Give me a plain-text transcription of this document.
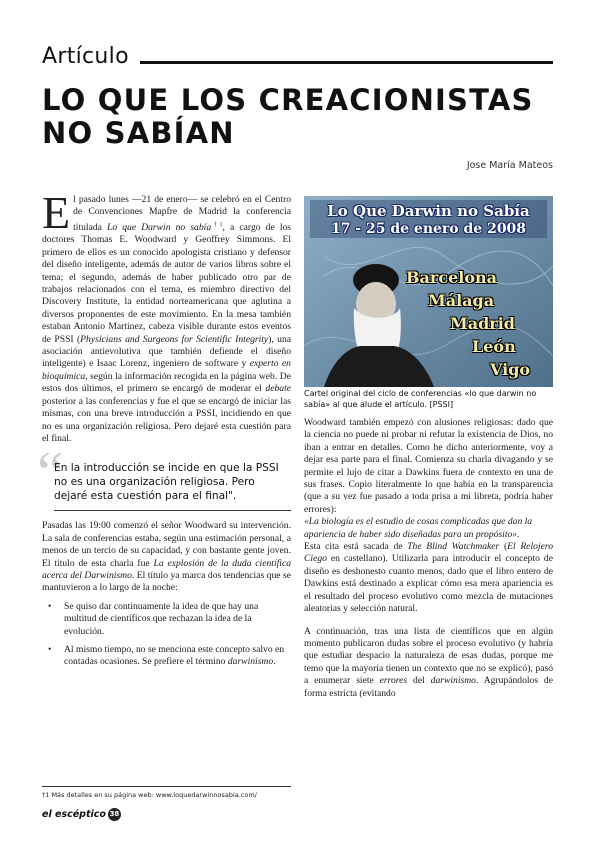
Artículo
LO QUE LOS CREACIONISTAS
NO SABÍAN
Jose María Mateos

El pasado lunes —21 de enero— se celebró en el Centro de Convenciones Mapfre de Madrid la conferencia titulada Lo que Darwin no sabía$^{\dagger 1}$, a cargo de los doctores Thomas E. Woodward y Geoffrey Simmons. El primero de ellos es un conocido apologista cristiano y defensor del diseño inteligente, además de autor de varios libros sobre el tema; el segundo, además de haber publicado otro par de trabajos relacionados con el tema, es miembro directivo del Discovery Institute, la entidad norteamericana que aglutina a diversos proponentes de este movimiento. En la mesa también estaban Antonio Martínez, cabeza visible durante estos eventos de PSSI (Physicians and Surgeons for Scientific Integrity), una asociación antievolutiva que también defiende el diseño inteligente) e Isaac Lorenz, ingeniero de software y experto en bioquímica, según la información recogida en la página web. De estos dos últimos, el primero se encargó de moderar el debate posterior a las conferencias y fue el que se encargó de iniciar las mismas, con una breve introducción a PSSI, incidiendo en que no es una organización religiosa. Pero dejaré esta cuestión para el final.

“
En la introducción se incide en que la PSSI no es una organización religiosa. Pero dejaré esta cuestión para el final".

Pasadas las 19:00 comenzó el señor Woodward su intervención. La sala de conferencias estaba, según una estimación personal, a menos de un tercio de su capacidad, y con bastante gente joven. El título de esta charla fue La explosión de la duda científica acerca del Darwinismo. El título ya marca dos tendencias que se mantuvieron a lo largo de la noche:

• Se quiso dar continuamente la idea de que hay una multitud de científicos que rechazan la idea de la evolución.
• Al mismo tiempo, no se menciona este concepto salvo en contadas ocasiones. Se prefiere el término darwinismo.
Lo Que Darwin no Sabía
17 - 25 de enero de 2008
Barcelona
Málaga
Madrid
León
Vigo
Cartel original del ciclo de conferencias «lo que darwin no sabía» al que alude el artículo. [PSSI]

Woodward también empezó con alusiones religiosas: dado que la ciencia no puede ni probar ni refutar la existencia de Dios, no iban a entrar en detalles. Como he dicho anteriormente, voy a dejar esa parte para el final. Comienza su charla divagando y se permite el lujo de citar a Dawkins fuera de contexto en una de sus frases. Copio literalmente lo que había en la transparencia (que a su vez fue pasado a toda prisa a mi libreta, podría haber errores):

«La biología es el estudio de cosas complicadas que dan la apariencia de haber sido diseñadas para un propósito».

Esta cita está sacada de The Blind Watchmaker (El Relojero Ciego en castellano). Utilizarla para introducir el concepto de diseño es deshonesto cuanto menos, dado que el libro entero de Dawkins está destinado a explicar cómo esa mera apariencia es el resultado del proceso evolutivo como mezcla de mutaciones aleatorias y selección natural.

A continuación, tras una lista de científicos que en algún momento publicaron dudas sobre el proceso evolutivo (y habría que estudiar despacio la naturaleza de esas dudas, porque me temo que la mayoría tienen un contexto que no se explicó), pasó a enumerar siete errores del darwinismo. Agrupándolos de forma estricta (evitando

†1 Más detalles en su página web: www.loquedarwinnosabia.com/
el escéptico 38
